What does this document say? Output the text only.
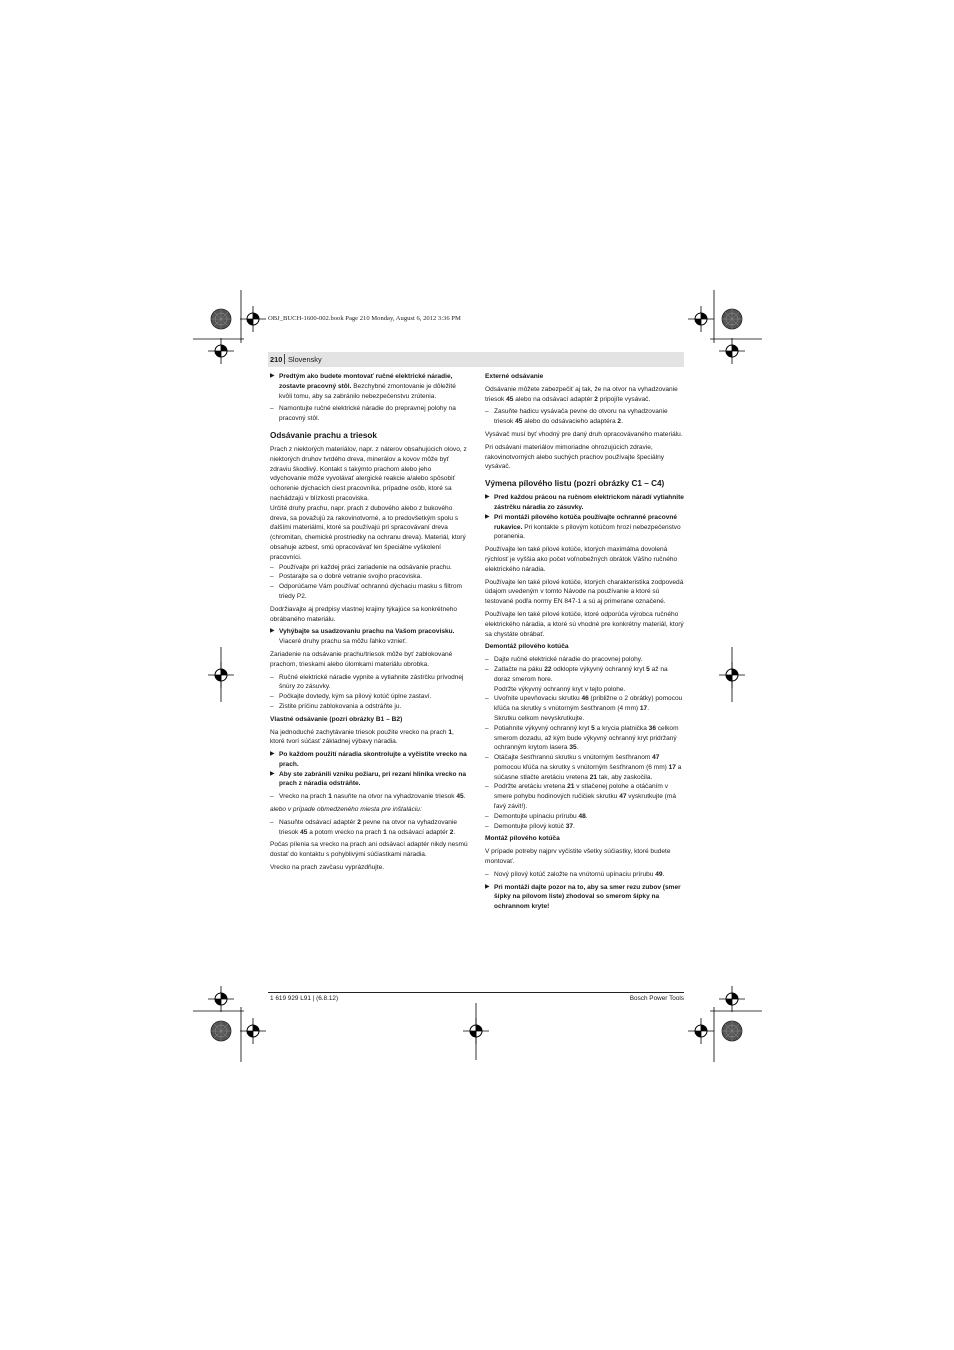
OBJ_BUCH-1600-002.book Page 210 Monday, August 6, 2012 3:36 PM
210 Slovensky
▶ Predtým ako budete montovať ručné elektrické náradie, zostavte pracovný stôl. Bezchybné zmontovanie je dôležité kvôli tomu, aby sa zabránilo nebezpečenstvu zrútenia.
– Namontujte ručné elektrické náradie do prepravnej polohy na pracovný stôl.
Odsávanie prachu a triesok

Prach z niektorých materiálov, napr. z náterov obsahujúcich olovo, z niektorých druhov tvrdého dreva, minerálov a kovov môže byť zdraviu škodlivý. Kontakt s takýmto prachom alebo jeho vdychovanie môže vyvolávať alergické reakcie a/alebo spôsobiť ochorenie dýchacích ciest pracovníka, prípadne osôb, ktoré sa nachádzajú v blízkosti pracoviska.

Určité druhy prachu, napr. prach z dubového alebo z bukového dreva, sa považujú za rakovinotvorné, a to predovšetkým spolu s ďalšími materiálmi, ktoré sa používajú pri spracovávaní dreva (chromitan, chemické prostriedky na ochranu dreva). Materiál, ktorý obsahuje azbest, smú opracovávať len špeciálne vyškolení pracovníci.

– Používajte pri každej práci zariadenie na odsávanie prachu.
– Postarajte sa o dobré vetranie svojho pracoviska.
– Odporúčame Vám používať ochrannú dýchaciu masku s filtrom triedy P2.

Dodržiavajte aj predpisy vlastnej krajiny týkajúce sa konkrétneho obrábaného materiálu.

▶ Vyhýbajte sa usadzovaniu prachu na Vašom pracovisku. Viaceré druhy prachu sa môžu ľahko vznieť.

Zariadenie na odsávanie prachu/triesok môže byť zablokované prachom, trieskami alebo úlomkami materiálu obrobka.

– Ručné elektrické náradie vypnite a vytiahnite zástrčku prívodnej šnúry zo zásuvky.
– Počkajte dovtedy, kým sa pílový kotúč úplne zastaví.
– Zistite príčinu zablokovania a odstráňte ju.
Vlastné odsávanie (pozri obrázky B1 – B2)

Na jednoduché zachytávanie triesok použite vrecko na prach 1, ktoré tvorí súčasť základnej výbavy náradia.

▶ Po každom použití náradia skontrolujte a vyčistite vrecko na prach.
▶ Aby ste zabránili vzniku požiaru, pri rezaní hliníka vrecko na prach z náradia odstráňte.
– Vrecko na prach 1 nasuňte na otvor na vyhadzovanie triesok 45.

alebo v prípade obmedzeného miesta pre inštaláciu:

– Nasuňte odsávací adaptér 2 pevne na otvor na vyhadzovanie triesok 45 a potom vrecko na prach 1 na odsávací adaptér 2.

Počas pílenia sa vrecko na prach ani odsávací adaptér nikdy nesmú dostať do kontaktu s pohyblivými súčiastkami náradia.

Vrecko na prach zavčasu vyprázdňujte.

Externé odsávanie

Odsávanie môžete zabezpečiť aj tak, že na otvor na vyhadzovanie triesok 45 alebo na odsávací adaptér 2 pripojíte vysávač.

– Zasuňte hadicu vysávača pevne do otvoru na vyhadzovanie triesok 45 alebo do odsávacieho adaptéra 2.

Vysávač musí byť vhodný pre daný druh opracovávaného materiálu.

Pri odsávaní materiálov mimoriadne ohrozujúcich zdravie, rakovinotvorných alebo suchých prachov používajte špeciálny vysávač.

Výmena pílového listu (pozri obrázky C1 – C4)
▶ Pred každou prácou na ručnom elektrickom náradí vytiahnite zástrčku náradia zo zásuvky.
▶ Pri montáži pílového kotúča používajte ochranné pracovné rukavice. Pri kontakte s pílovým kotúčom hrozí nebezpečenstvo poranenia.

Používajte len také pílové kotúče, ktorých maximálna dovolená rýchlosť je vyššia ako počet voľnobežných obrátok Vášho ručného elektrického náradia.

Používajte len také pílové kotúče, ktorých charakteristika zodpovedá údajom uvedeným v tomto Návode na používanie a ktoré sú testované podľa normy EN 847-1 a sú aj primerane označené.

Používajte len také pílové kotúče, ktoré odporúča výrobca ručného elektrického náradia, a ktoré sú vhodné pre konkrétny materiál, ktorý sa chystáte obrábať.

Demontáž pílového kotúča
– Dajte ručné elektrické náradie do pracovnej polohy.
– Zatlačte na páku 22 odklopte výkyvný ochranný kryt 5 až na doraz smerom hore.
Podržte výkyvný ochranný kryt v tejto polohe.
– Uvoľnite upevňovaciu skrutku 46 (približne o 2 obrátky) pomocou kľúča na skrutky s vnútorným šesťhranom (4 mm) 17.
Skrutku celkom nevyskrutkujte.
– Potiahnite výkyvný ochranný kryt 5 a krycia platnička 36 celkom smerom dozadu, až kým bude výkyvný ochranný kryt pridržaný ochranným krytom lasera 35.
– Otáčajte šesťhrannú skrutku s vnútorným šesťhranom 47 pomocou kľúča na skrutky s vnútorným šesťhranom (6 mm) 17 a súčasne stlačte aretáciu vretena 21 tak, aby zaskočila.
– Podržte aretáciu vretena 21 v stlačenej polohe a otáčaním v smere pohybu hodinových ručičiek skrutku 47 vyskrutkujte (má ľavý závit!).
– Demontujte upínaciu prírubu 48.
– Demontujte pílový kotúč 37.
Montáž pílového kotúča

V prípade potreby najprv vyčistite všetky súčiastky, ktoré budete montovať.

– Nový pílový kotúč založte na vnútornú upínaciu prírubu 49.
▶ Pri montáži dajte pozor na to, aby sa smer rezu zubov (smer šípky na pílovom liste) zhodoval so smerom šípky na ochrannom kryte!
1 619 929 L91 | (6.8.12)	Bosch Power Tools
